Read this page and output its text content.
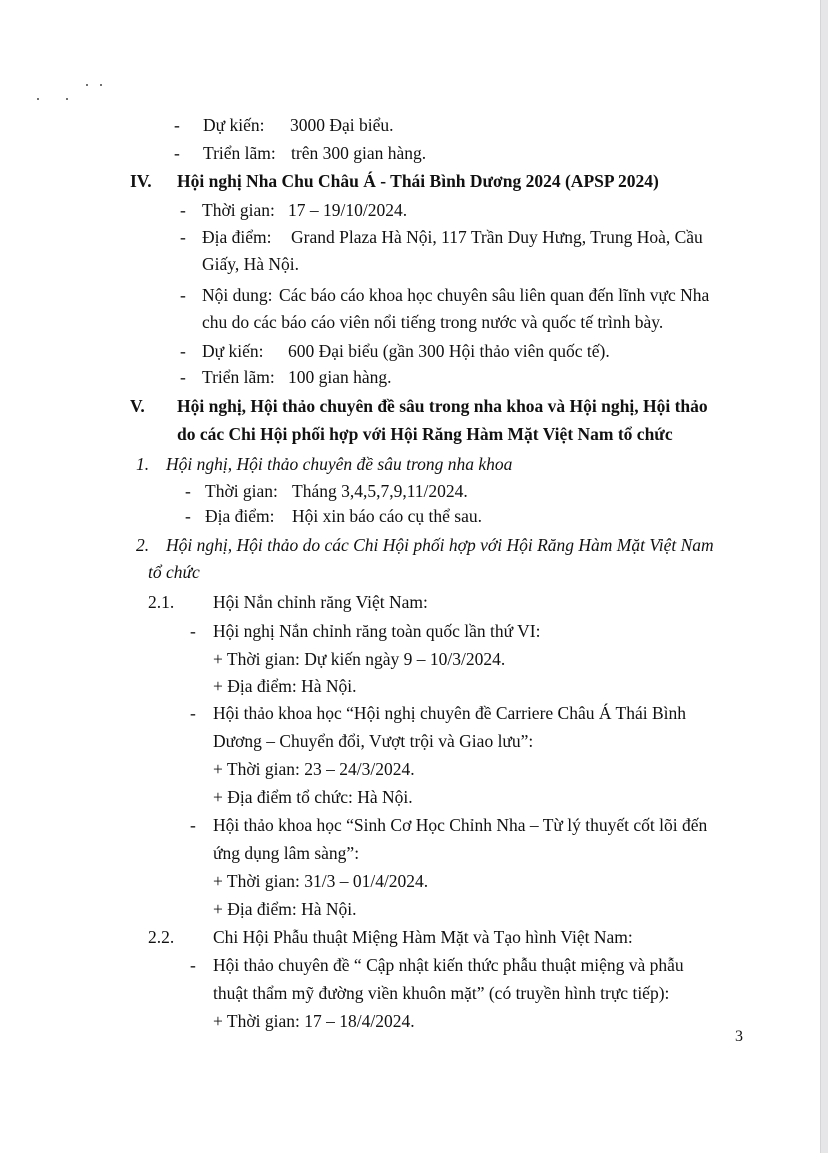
- Dự kiến: 3000 Đại biểu.
- Triển lãm: trên 300 gian hàng.
IV. Hội nghị Nha Chu Châu Á - Thái Bình Dương 2024 (APSP 2024)
- Thời gian: 17 – 19/10/2024.
- Địa điểm: Grand Plaza Hà Nội, 117 Trần Duy Hưng, Trung Hoà, Cầu
Giấy, Hà Nội.
- Nội dung: Các báo cáo khoa học chuyên sâu liên quan đến lĩnh vực Nha
chu do các báo cáo viên nổi tiếng trong nước và quốc tế trình bày.
- Dự kiến: 600 Đại biểu (gần 300 Hội thảo viên quốc tế).
- Triển lãm: 100 gian hàng.
V. Hội nghị, Hội thảo chuyên đề sâu trong nha khoa và Hội nghị, Hội thảo
do các Chi Hội phối hợp với Hội Răng Hàm Mặt Việt Nam tổ chức
1. Hội nghị, Hội thảo chuyên đề sâu trong nha khoa
- Thời gian: Tháng 3,4,5,7,9,11/2024.
- Địa điểm: Hội xin báo cáo cụ thể sau.
2. Hội nghị, Hội thảo do các Chi Hội phối hợp với Hội Răng Hàm Mặt Việt Nam
tổ chức
2.1. Hội Nắn chỉnh răng Việt Nam:
- Hội nghị Nắn chỉnh răng toàn quốc lần thứ VI:
+ Thời gian: Dự kiến ngày 9 – 10/3/2024.
+ Địa điểm: Hà Nội.
- Hội thảo khoa học “Hội nghị chuyên đề Carriere Châu Á Thái Bình
Dương – Chuyển đổi, Vượt trội và Giao lưu”:
+ Thời gian: 23 – 24/3/2024.
+ Địa điểm tổ chức: Hà Nội.
- Hội thảo khoa học “Sinh Cơ Học Chỉnh Nha – Từ lý thuyết cốt lõi đến
ứng dụng lâm sàng”:
+ Thời gian: 31/3 – 01/4/2024.
+ Địa điểm: Hà Nội.
2.2. Chi Hội Phẫu thuật Miệng Hàm Mặt và Tạo hình Việt Nam:
- Hội thảo chuyên đề “ Cập nhật kiến thức phẫu thuật miệng và phẫu
thuật thẩm mỹ đường viền khuôn mặt” (có truyền hình trực tiếp):
+ Thời gian: 17 – 18/4/2024.
3
